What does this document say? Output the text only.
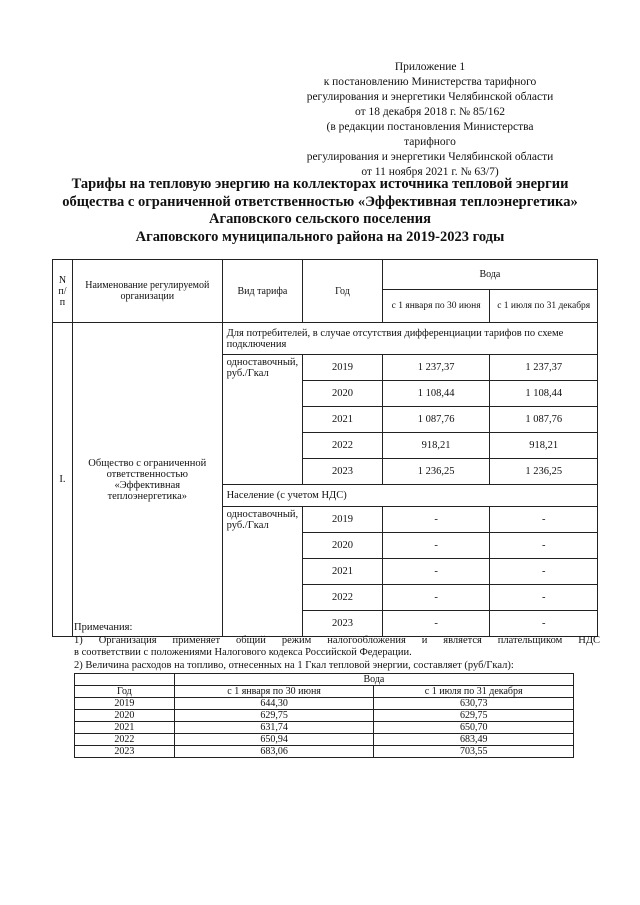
Приложение 1
к постановлению Министерства тарифного
регулирования и энергетики Челябинской области
от 18 декабря 2018 г. № 85/162
(в редакции постановления Министерства тарифного
регулирования и энергетики Челябинской области
от 11 ноября 2021 г. № 63/7)
Тарифы на тепловую энергию на коллекторах источника тепловой энергии
общества с ограниченной ответственностью «Эффективная теплоэнергетика»
Агаповского сельского поселения
Агаповского муниципального района на 2019-2023 годы
N п/п	Наименование регулируемой организации	Вид тарифа	Год	Вода	
				с 1 января по 30 июня	с 1 июля по 31 декабря
I.	Общество с ограниченной ответственностью «Эффективная теплоэнергетика»	Для потребителей, в случае отсутствия дифференциации тарифов по схеме подключения			
		одноставочный, руб./Гкал	2019	1 237,37	1 237,37
			2020	1 108,44	1 108,44
			2021	1 087,76	1 087,76
			2022	918,21	918,21
			2023	1 236,25	1 236,25
		Население (с учетом НДС)			
		одноставочный, руб./Гкал	2019	-	-
			2020	-	-
			2021	-	-
			2022	-	-
			2023	-	-
Примечания:
1) Организация применяет общий режим налогообложения и является плательщиком НДС
в соответствии с положениями Налогового кодекса Российской Федерации.
2) Величина расходов на топливо, отнесенных на 1 Гкал тепловой энергии, составляет (руб/Гкал):
	Вода	
Год	с 1 января по 30 июня	с 1 июля по 31 декабря
2019	644,30	630,73
2020	629,75	629,75
2021	631,74	650,70
2022	650,94	683,49
2023	683,06	703,55
